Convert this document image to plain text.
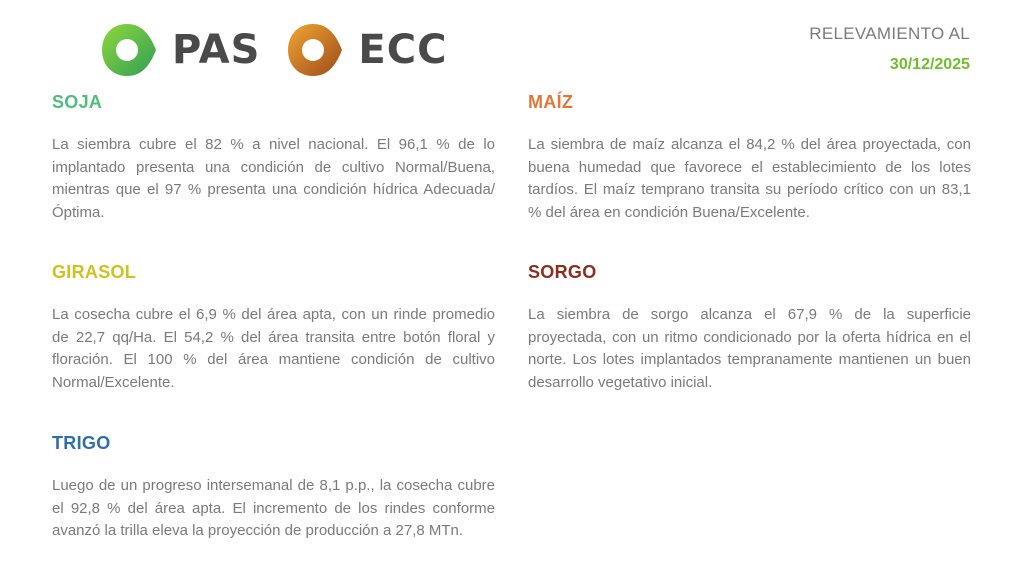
PAS ECC	RELEVAMIENTO AL
30/12/2025
SOJA

La siembra cubre el 82 % a nivel nacional. El 96,1 % de lo implantado presenta una condición de cultivo Normal/Buena, mientras que el 97 % presenta una condición hídrica Adecuada/Óptima.

GIRASOL

La cosecha cubre el 6,9 % del área apta, con un rinde promedio de 22,7 qq/Ha. El 54,2 % del área transita entre botón floral y floración. El 100 % del área mantiene condición de cultivo Normal/Excelente.

TRIGO

Luego de un progreso intersemanal de 8,1 p.p., la cosecha cubre el 92,8 % del área apta. El incremento de los rindes conforme avanzó la trilla eleva la proyección de producción a 27,8 MTn.

MAÍZ

La siembra de maíz alcanza el 84,2 % del área proyectada, con buena humedad que favorece el establecimiento de los lotes tardíos. El maíz temprano transita su período crítico con un 83,1 % del área en condición Buena/Excelente.

SORGO

La siembra de sorgo alcanza el 67,9 % de la superficie proyectada, con un ritmo condicionado por la oferta hídrica en el norte. Los lotes implantados tempranamente mantienen un buen desarrollo vegetativo inicial.
